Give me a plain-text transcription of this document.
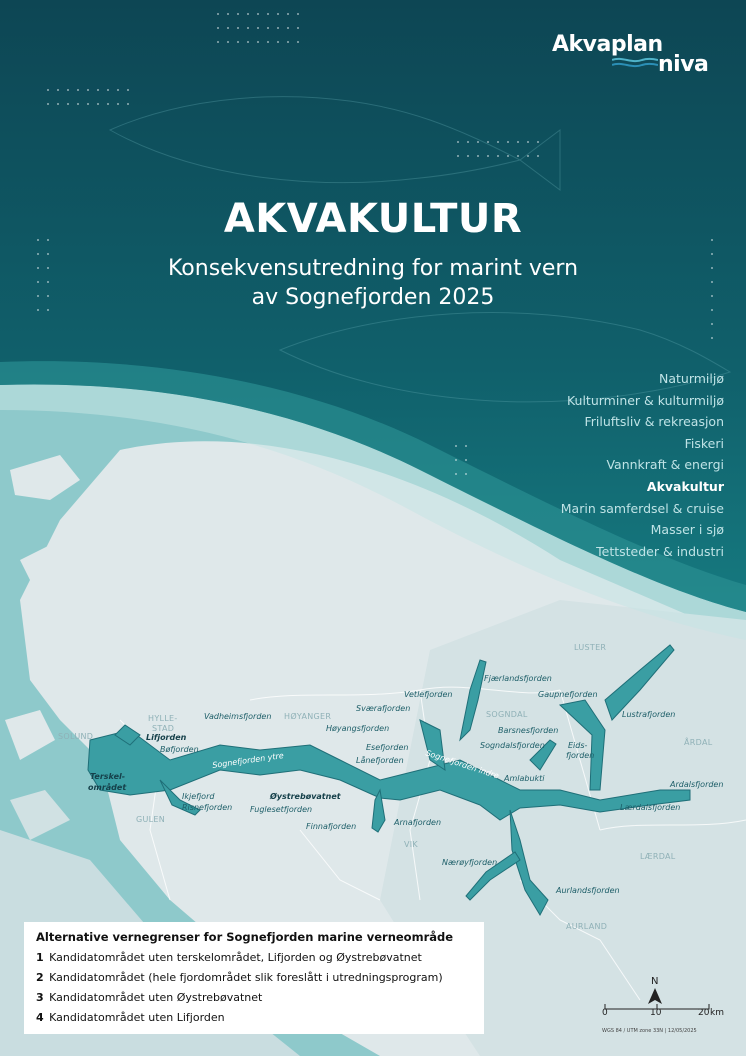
Akvaplan
niva
AKVAKULTUR
Konsekvensutredning for marint vern
av Sognefjorden 2025
Naturmiljø
Kulturminer & kulturmiljø
Friluftsliv & rekreasjon
Fiskeri
Vannkraft & energi
Akvakultur
Marin samferdsel & cruise
Masser i sjø
Tettsteder & industri
LUSTER
SOGNDAL
HØYANGER
HYLLE-
STAD
SOLUND
GULEN
VIK
ÅRDAL
LÆRDAL
AURLAND
Fjærlandsfjorden
Gaupnefjorden
Vetlefjorden
Sværafjorden
Barsnesfjorden
Lustrafjorden
Vadheimsfjorden
Høyangsfjorden
Sogndalsfjorden	Eids-
fjorden
Lifjorden
Bøfjorden	Esefjorden
Lånefjorden
Amlabukti
Ardalsfjorden
Ikjefjord
Risnefjorden Fuglesetfjorden	Lærdalsfjorden
Arnafjorden
Finnafjorden
Nærøyfjorden
Aurlandsfjorden
Terskel-
området
Øystrebøvatnet
Sognefjorden ytre	Sognefjorden indre
Alternative vernegrenser for Sognefjorden marine verneområde
1 Kandidatområdet uten terskelområdet, Lifjorden og Øystrebøvatnet
2 Kandidatområdet (hele fjordområdet slik foreslått i utredningsprogram)
3 Kandidatområdet uten Øystrebøvatnet
4 Kandidatområdet uten Lifjorden
N
0	10	20 km
WGS 84 / UTM zone 33N | 12/05/2025
